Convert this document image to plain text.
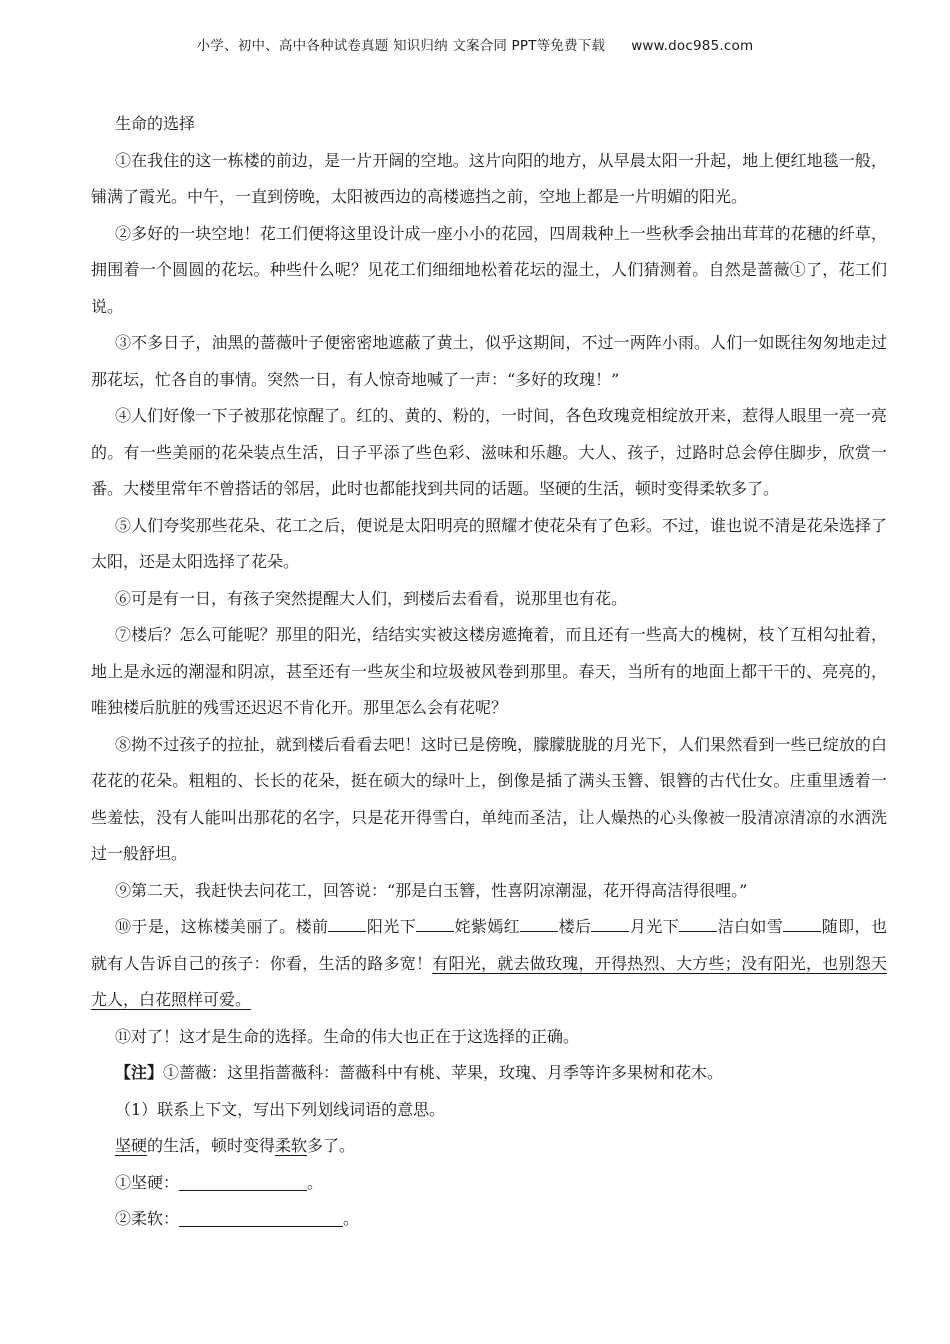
小学、初中、高中各种试卷真题 知识归纳 文案合同 PPT等免费下载 www.doc985.com

生命的选择

①在我住的这一栋楼的前边，是一片开阔的空地。这片向阳的地方，从早晨太阳一升起，地上便红地毯一般，铺满了霞光。中午，一直到傍晚，太阳被西边的高楼遮挡之前，空地上都是一片明媚的阳光。

②多好的一块空地！花工们便将这里设计成一座小小的花园，四周栽种上一些秋季会抽出茸茸的花穗的纤草，拥围着一个圆圆的花坛。种些什么呢？见花工们细细地松着花坛的湿土，人们猜测着。自然是蔷薇①了，花工们说。

③不多日子，油黑的蔷薇叶子便密密地遮蔽了黄土，似乎这期间，不过一两阵小雨。人们一如既往匆匆地走过那花坛，忙各自的事情。突然一日，有人惊奇地喊了一声：“多好的玫瑰！”

④人们好像一下子被那花惊醒了。红的、黄的、粉的，一时间，各色玫瑰竞相绽放开来，惹得人眼里一亮一亮的。有一些美丽的花朵装点生活，日子平添了些色彩、滋味和乐趣。大人、孩子，过路时总会停住脚步，欣赏一番。大楼里常年不曾搭话的邻居，此时也都能找到共同的话题。坚硬的生活，顿时变得柔软多了。

⑤人们夸奖那些花朵、花工之后，便说是太阳明亮的照耀才使花朵有了色彩。不过，谁也说不清是花朵选择了太阳，还是太阳选择了花朵。

⑥可是有一日，有孩子突然提醒大人们，到楼后去看看，说那里也有花。

⑦楼后？怎么可能呢？那里的阳光，结结实实被这楼房遮掩着，而且还有一些高大的槐树，枝丫互相勾扯着，地上是永远的潮湿和阴凉，甚至还有一些灰尘和垃圾被风卷到那里。春天，当所有的地面上都干干的、亮亮的，唯独楼后肮脏的残雪还迟迟不肯化开。那里怎么会有花呢？

⑧拗不过孩子的拉扯，就到楼后看看去吧！这时已是傍晚，朦朦胧胧的月光下，人们果然看到一些已绽放的白花花的花朵。粗粗的、长长的花朵，挺在硕大的绿叶上，倒像是插了满头玉簪、银簪的古代仕女。庄重里透着一些羞怯，没有人能叫出那花的名字，只是花开得雪白，单纯而圣洁，让人燥热的心头像被一股清凉清凉的水洒洗过一般舒坦。

⑨第二天，我赶快去问花工，回答说：“那是白玉簪，性喜阴凉潮湿，花开得高洁得很哩。”

⑩于是，这栋楼美丽了。楼前 阳光下 姹紫嫣红 楼后 月光下 洁白如雪 随即，也就有人告诉自己的孩子：你看，生活的路多宽！有阳光，就去做玫瑰，开得热烈、大方些；没有阳光，也别怨天尤人，白花照样可爱。

⑪对了！这才是生命的选择。生命的伟大也正在于这选择的正确。

【注】①蔷薇：这里指蔷薇科：蔷薇科中有桃、苹果，玫瑰、月季等许多果树和花木。

（1）联系上下文，写出下列划线词语的意思。

坚硬的生活，顿时变得柔软多了。

①坚硬：	。

②柔软：	。
